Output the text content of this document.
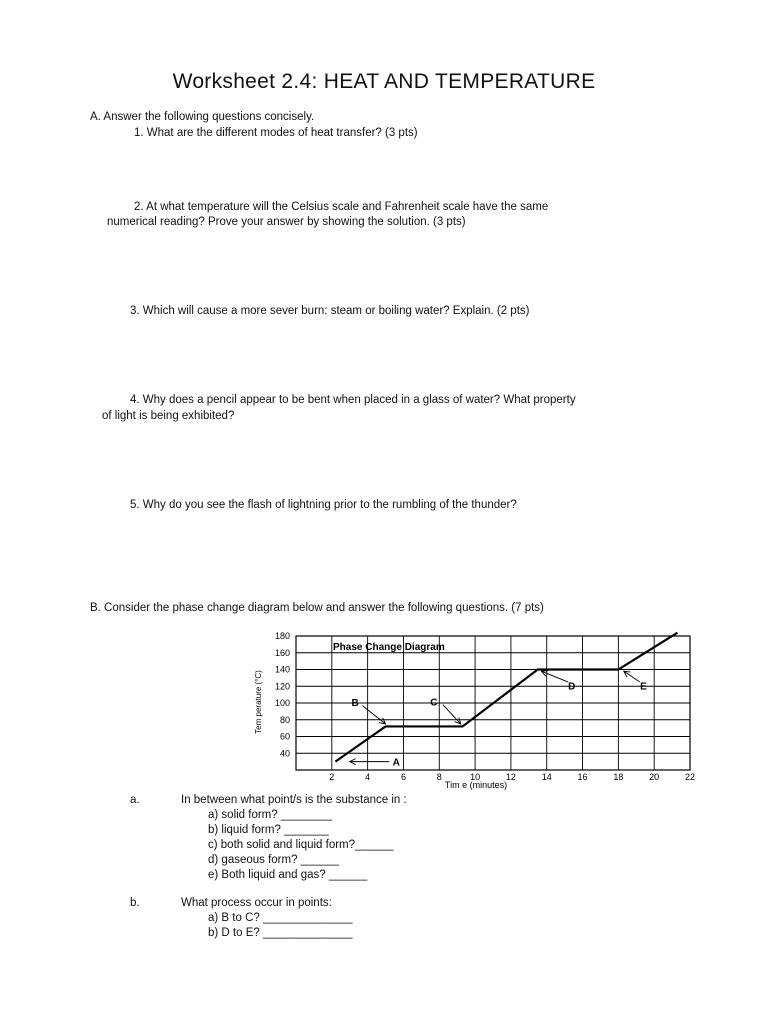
Worksheet 2.4: HEAT AND TEMPERATURE
A. Answer the following questions concisely.
1. What are the different modes of heat transfer? (3 pts)
2. At what temperature will the Celsius scale and Fahrenheit scale have the same
numerical reading? Prove your answer by showing the solution. (3 pts)
3. Which will cause a more sever burn: steam or boiling water? Explain. (2 pts)
4. Why does a pencil appear to be bent when placed in a glass of water? What property
of light is being exhibited?
5. Why do you see the flash of lightning prior to the rumbling of the thunder?
B. Consider the phase change diagram below and answer the following questions. (7 pts)
2	4	6	8	10	12	14	16	18	20	22
40
60
80
100
120
140
160
180
A
B	C
D	E
Phase Change Diagram
Tim e (minutes)
Tem perature (°C)
a.	In between what point/s is the substance in :
a) solid form? ________
b) liquid form? _______
c) both solid and liquid form?______
d) gaseous form? ______
e) Both liquid and gas? ______
b.	What process occur in points:
a) B to C? ______________
b) D to E? ______________
